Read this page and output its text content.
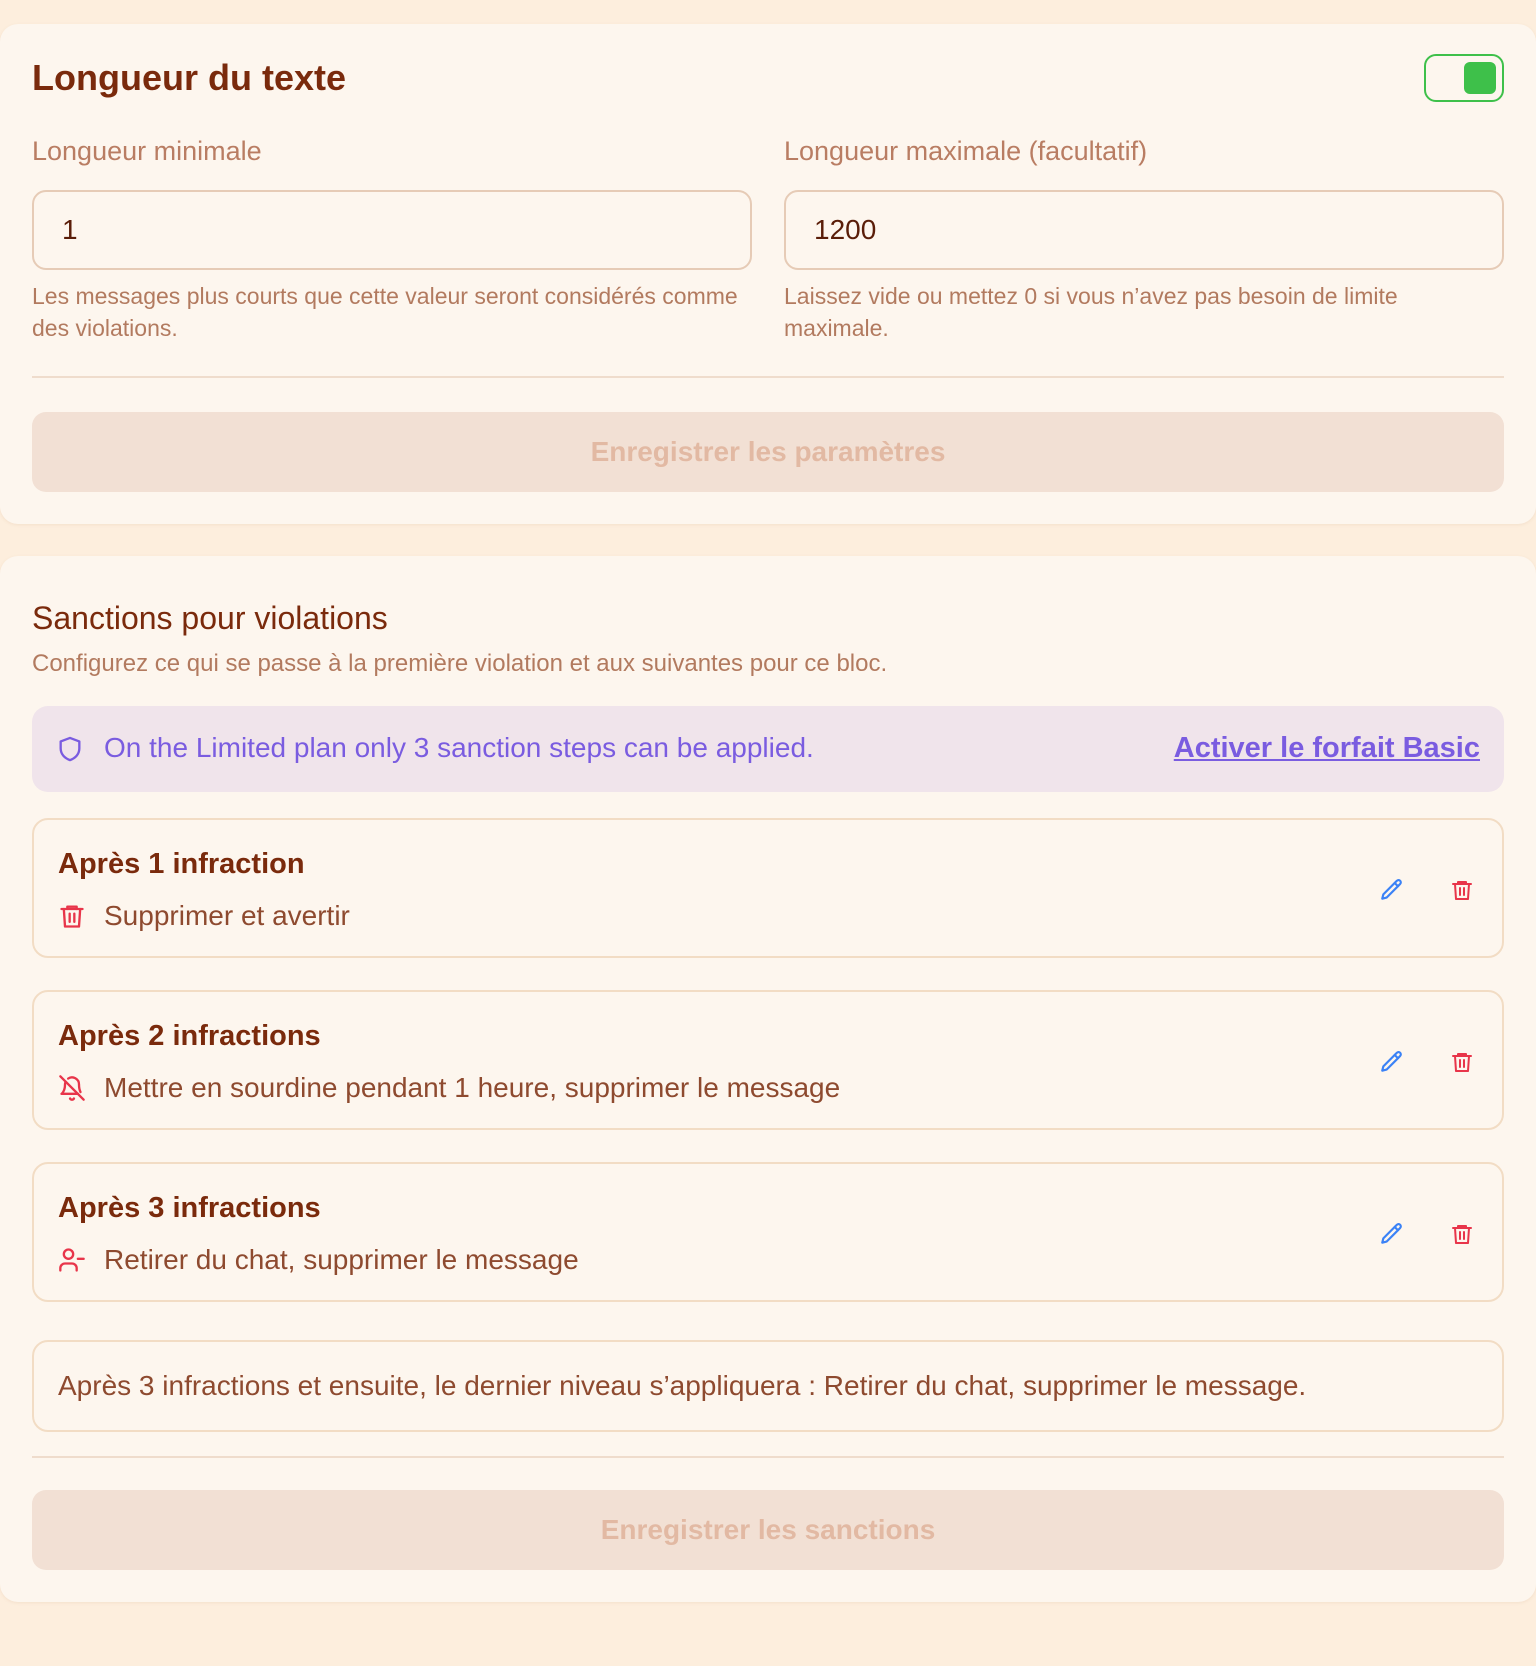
Longueur du texte
Longueur minimale
1
Les messages plus courts que cette valeur seront considérés comme des violations.
Longueur maximale (facultatif)
1200
Laissez vide ou mettez 0 si vous n’avez pas besoin de limite maximale.
Enregistrer les paramètres
Sanctions pour violations
Configurez ce qui se passe à la première violation et aux suivantes pour ce bloc.
On the Limited plan only 3 sanction steps can be applied.	Activer le forfait Basic
Après 1 infraction
Supprimer et avertir
Après 2 infractions
Mettre en sourdine pendant 1 heure, supprimer le message
Après 3 infractions
Retirer du chat, supprimer le message
Après 3 infractions et ensuite, le dernier niveau s’appliquera : Retirer du chat, supprimer le message.
Enregistrer les sanctions
